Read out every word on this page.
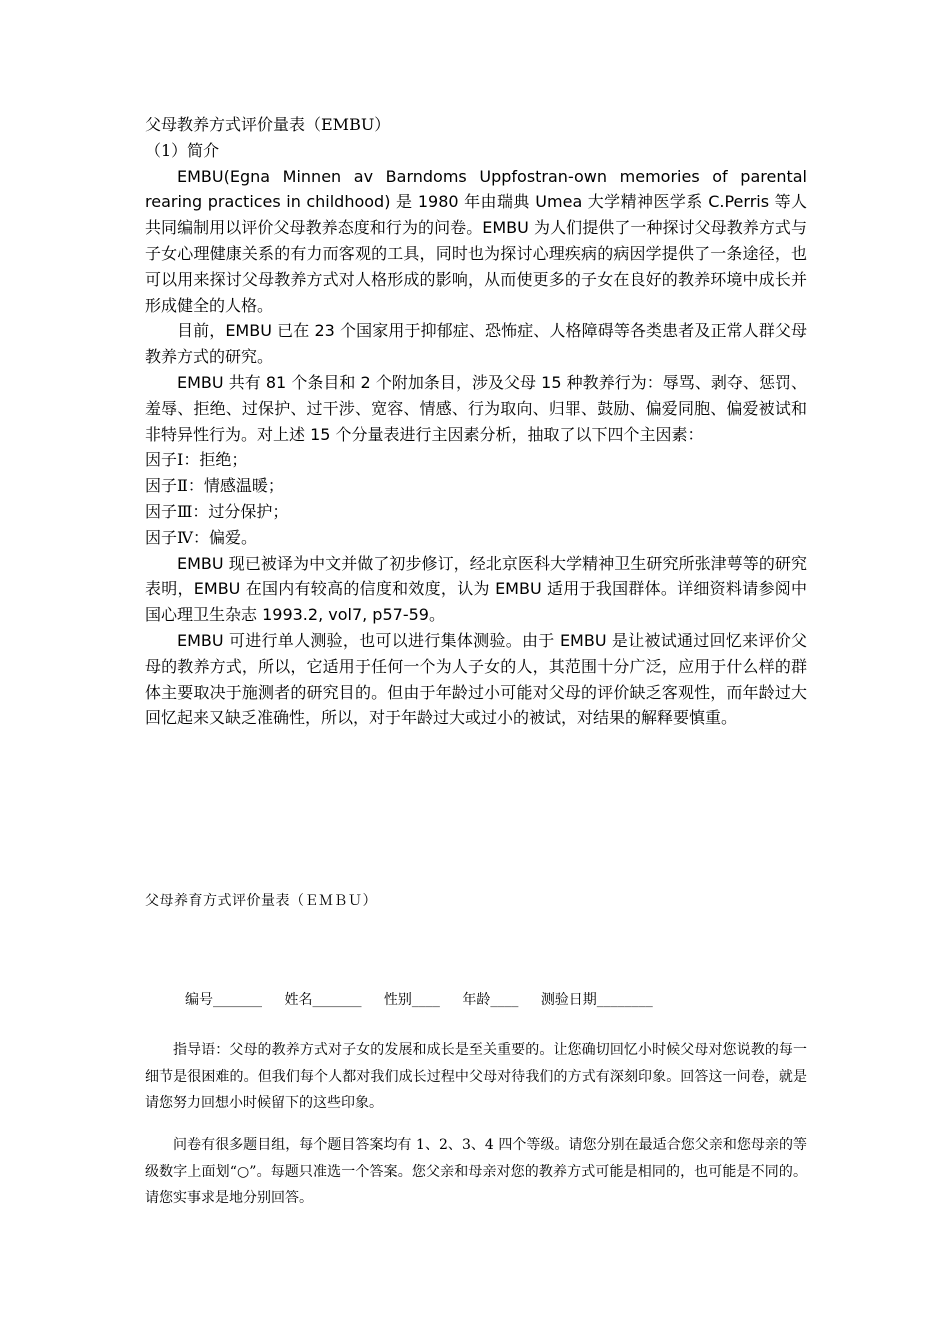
父母教养方式评价量表（EMBU）

（1）简介

EMBU(Egna Minnen av Barndoms Uppfostran-own memories of parental rearing practices in childhood) 是 1980 年由瑞典 Umea 大学精神医学系 C.Perris 等人共同编制用以评价父母教养态度和行为的问卷。EMBU 为人们提供了一种探讨父母教养方式与子女心理健康关系的有力而客观的工具，同时也为探讨心理疾病的病因学提供了一条途径，也可以用来探讨父母教养方式对人格形成的影响，从而使更多的子女在良好的教养环境中成长并形成健全的人格。

目前，EMBU 已在 23 个国家用于抑郁症、恐怖症、人格障碍等各类患者及正常人群父母教养方式的研究。

EMBU 共有 81 个条目和 2 个附加条目，涉及父母 15 种教养行为：辱骂、剥夺、惩罚、羞辱、拒绝、过保护、过干涉、宽容、情感、行为取向、归罪、鼓励、偏爱同胞、偏爱被试和非特异性行为。对上述 15 个分量表进行主因素分析，抽取了以下四个主因素：

因子Ⅰ：拒绝；

因子Ⅱ：情感温暖；

因子Ⅲ：过分保护；

因子Ⅳ：偏爱。

EMBU 现已被译为中文并做了初步修订，经北京医科大学精神卫生研究所张津萼等的研究表明，EMBU 在国内有较高的信度和效度，认为 EMBU 适用于我国群体。详细资料请参阅中国心理卫生杂志 1993.2, vol7, p57-59。

EMBU 可进行单人测验，也可以进行集体测验。由于 EMBU 是让被试通过回忆来评价父母的教养方式，所以，它适用于任何一个为人子女的人，其范围十分广泛，应用于什么样的群体主要取决于施测者的研究目的。但由于年龄过小可能对父母的评价缺乏客观性，而年龄过大回忆起来又缺乏准确性，所以，对于年龄过大或过小的被试，对结果的解释要慎重。

父母养育方式评价量表（ＥＭＢＵ）
编号_______ 姓名_______ 性别____ 年龄____ 测验日期________

指导语：父母的教养方式对子女的发展和成长是至关重要的。让您确切回忆小时候父母对您说教的每一细节是很困难的。但我们每个人都对我们成长过程中父母对待我们的方式有深刻印象。回答这一问卷，就是请您努力回想小时候留下的这些印象。

问卷有很多题目组，每个题目答案均有 1、2、3、4 四个等级。请您分别在最适合您父亲和您母亲的等级数字上面划“○”。每题只准选一个答案。您父亲和母亲对您的教养方式可能是相同的，也可能是不同的。请您实事求是地分别回答。
